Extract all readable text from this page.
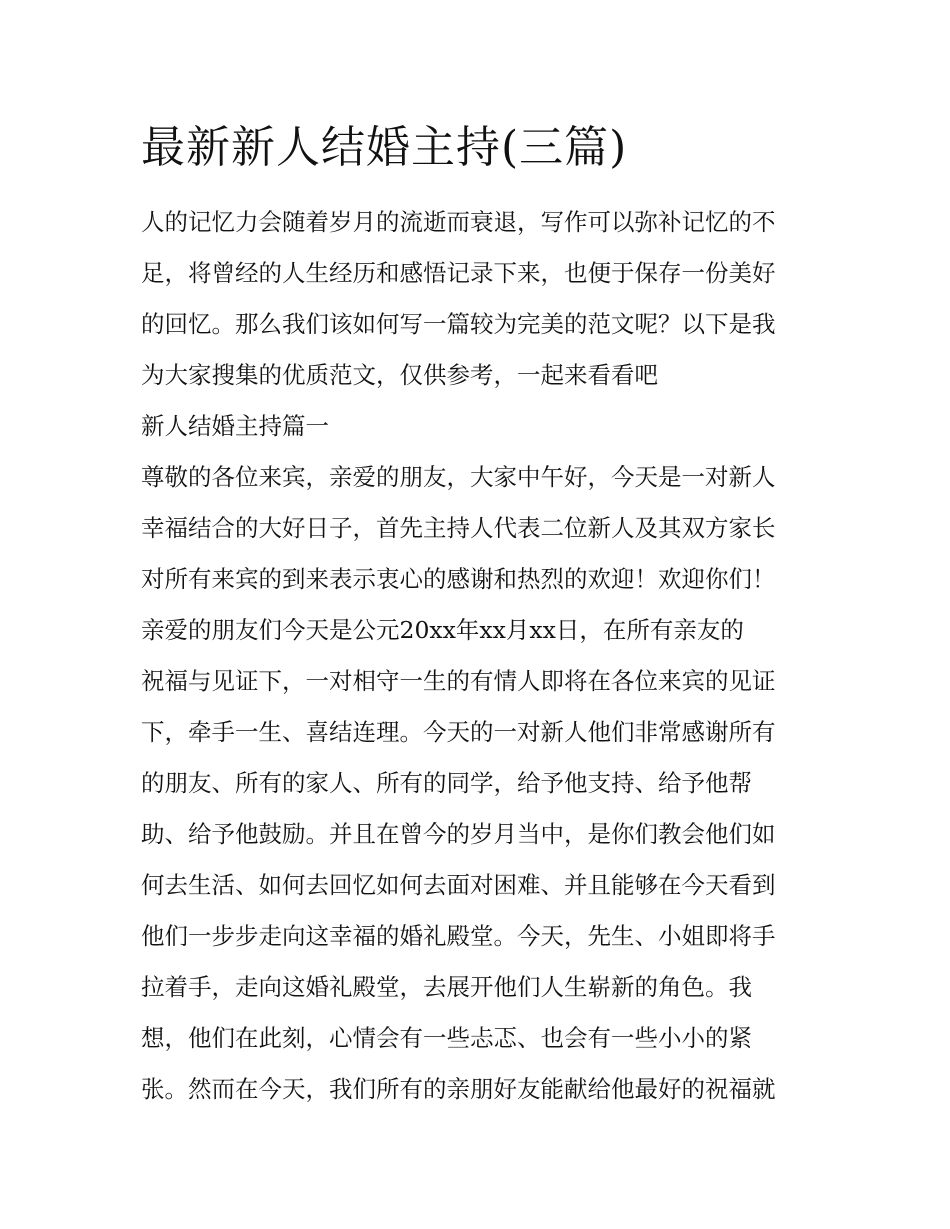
最新新人结婚主持(三篇)

人的记忆力会随着岁月的流逝而衰退，写作可以弥补记忆的不

足，将曾经的人生经历和感悟记录下来，也便于保存一份美好

的回忆。那么我们该如何写一篇较为完美的范文呢？以下是我

为大家搜集的优质范文，仅供参考，一起来看看吧

新人结婚主持篇一

尊敬的各位来宾，亲爱的朋友，大家中午好，今天是一对新人

幸福结合的大好日子，首先主持人代表二位新人及其双方家长

对所有来宾的到来表示衷心的感谢和热烈的欢迎！欢迎你们！

亲爱的朋友们今天是公元20xx年xx月xx日，在所有亲友的

祝福与见证下，一对相守一生的有情人即将在各位来宾的见证

下，牵手一生、喜结连理。今天的一对新人他们非常感谢所有

的朋友、所有的家人、所有的同学，给予他支持、给予他帮

助、给予他鼓励。并且在曾今的岁月当中，是你们教会他们如

何去生活、如何去回忆如何去面对困难、并且能够在今天看到

他们一步步走向这幸福的婚礼殿堂。今天，先生、小姐即将手

拉着手，走向这婚礼殿堂，去展开他们人生崭新的角色。我

想，他们在此刻，心情会有一些忐忑、也会有一些小小的紧

张。然而在今天，我们所有的亲朋好友能献给他最好的祝福就
